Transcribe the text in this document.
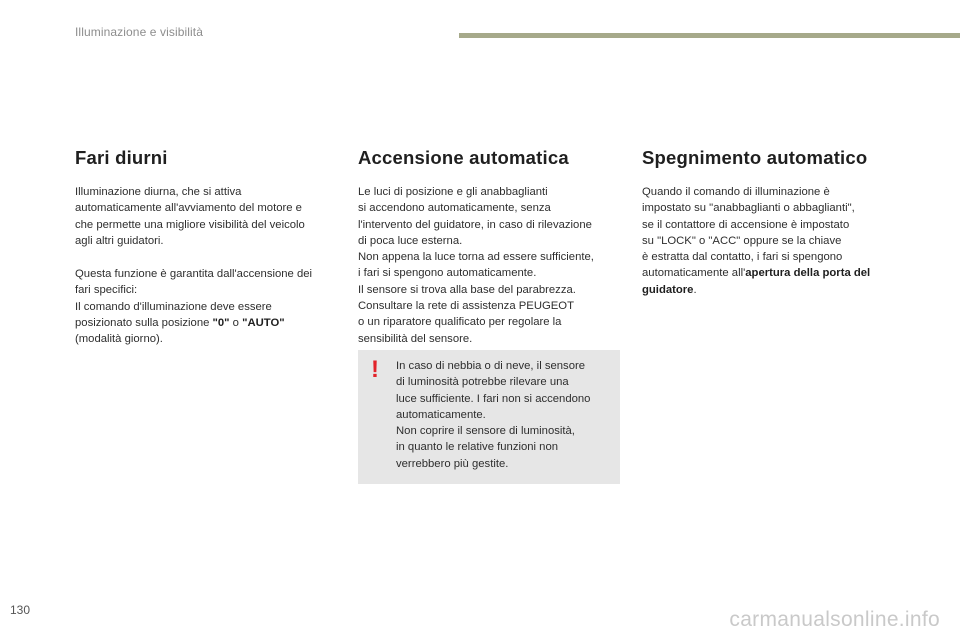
Illuminazione e visibilità
Fari diurni

Illuminazione diurna, che si attiva
automaticamente all'avviamento del motore e
che permette una migliore visibilità del veicolo
agli altri guidatori.

Questa funzione è garantita dall'accensione dei
fari specifici:
Il comando d'illuminazione deve essere
posizionato sulla posizione "0" o "AUTO"
(modalità giorno).

Accensione automatica

Le luci di posizione e gli anabbaglianti
si accendono automaticamente, senza
l'intervento del guidatore, in caso di rilevazione
di poca luce esterna.
Non appena la luce torna ad essere sufficiente,
i fari si spengono automaticamente.
Il sensore si trova alla base del parabrezza.
Consultare la rete di assistenza PEUGEOT
o un riparatore qualificato per regolare la
sensibilità del sensore.

Spegnimento automatico

Quando il comando di illuminazione è
impostato su "anabbaglianti o abbaglianti",
se il contattore di accensione è impostato
su "LOCK" o "ACC" oppure se la chiave
è estratta dal contatto, i fari si spengono
automaticamente all'apertura della porta del
guidatore.

! In caso di nebbia o di neve, il sensore
di luminosità potrebbe rilevare una
luce sufficiente. I fari non si accendono
automaticamente.
Non coprire il sensore di luminosità,
in quanto le relative funzioni non
verrebbero più gestite.

130	carmanualsonline.info
